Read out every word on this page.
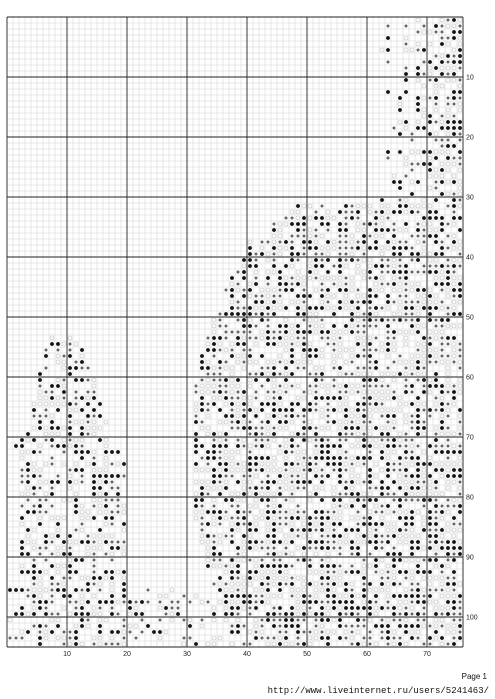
10	20	30	40	50	60	70
10
20
30
40
50
60
70
80
90
100
Page 1
http://www.liveinternet.ru/users/5241463/
